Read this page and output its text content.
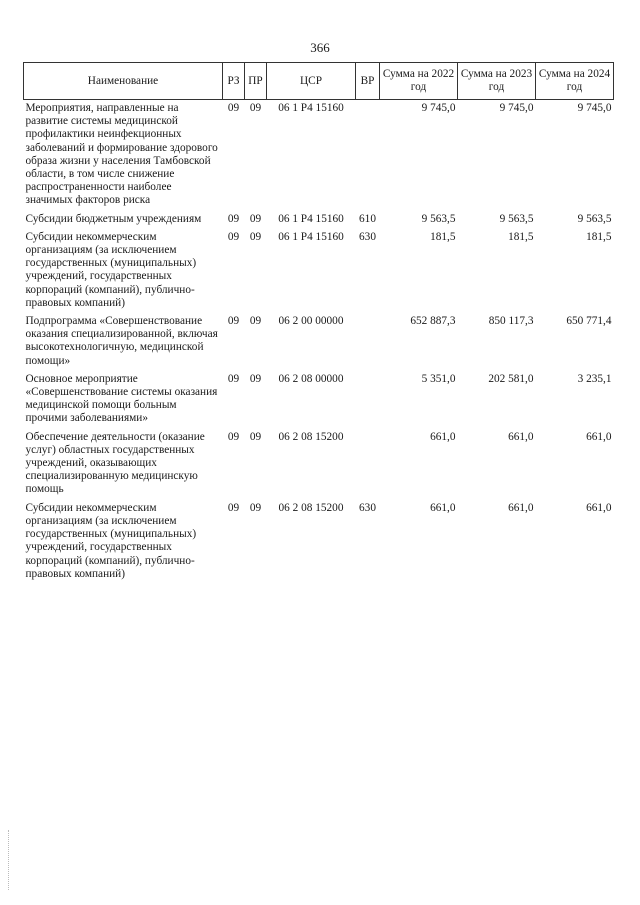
366
Наименование	РЗ	ПР	ЦСР	ВР	Сумма на 2022 год	Сумма на 2023 год	Сумма на 2024 год
Мероприятия, направленные на развитие системы медицинской профилактики неинфекционных заболеваний и формирование здорового образа жизни у населения Тамбовской области, в том числе снижение распространенности наиболее значимых факторов риска	09	09	06 1 Р4 15160		9 745,0	9 745,0	9 745,0
Субсидии бюджетным учреждениям	09	09	06 1 Р4 15160	610	9 563,5	9 563,5	9 563,5
Субсидии некоммерческим организациям (за исключением государственных (муниципальных) учреждений, государственных корпораций (компаний), публично-правовых компаний)	09	09	06 1 Р4 15160	630	181,5	181,5	181,5
Подпрограмма «Совершенствование оказания специализированной, включая высокотехнологичную, медицинской помощи»	09	09	06 2 00 00000		652 887,3	850 117,3	650 771,4
Основное мероприятие «Совершенствование системы оказания медицинской помощи больным прочими заболеваниями»	09	09	06 2 08 00000		5 351,0	202 581,0	3 235,1
Обеспечение деятельности (оказание услуг) областных государственных учреждений, оказывающих специализированную медицинскую помощь	09	09	06 2 08 15200		661,0	661,0	661,0
Субсидии некоммерческим организациям (за исключением государственных (муниципальных) учреждений, государственных корпораций (компаний), публично-правовых компаний)	09	09	06 2 08 15200	630	661,0	661,0	661,0
